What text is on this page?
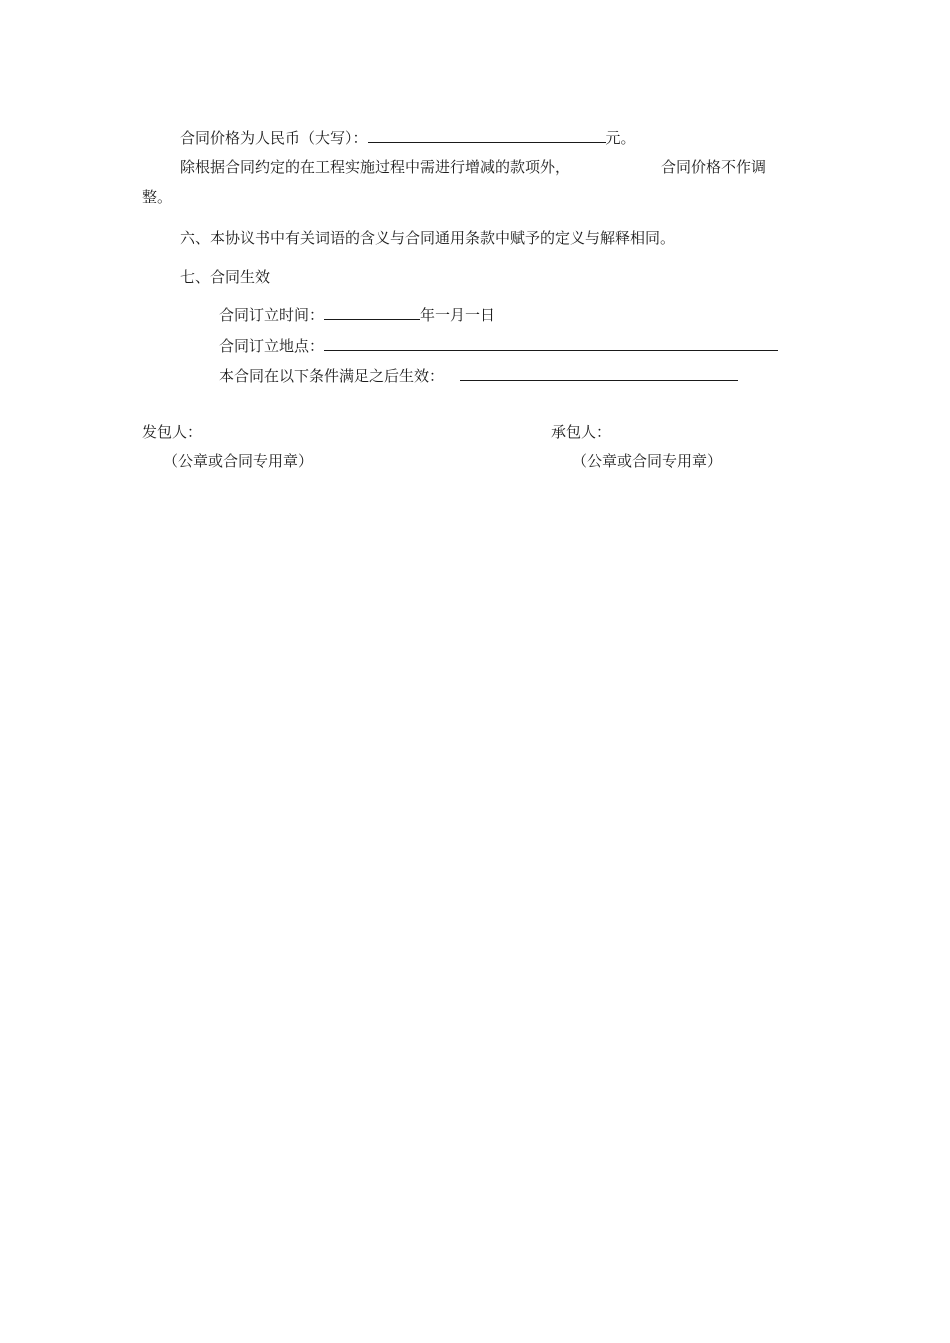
合同价格为人民币（大写）：	元。
除根据合同约定的在工程实施过程中需进行增减的款项外，	合同价格不作调
整。
六、本协议书中有关词语的含义与合同通用条款中赋予的定义与解释相同。
七、合同生效
合同订立时间：	年一月一日
合同订立地点：
本合同在以下条件满足之后生效：
发包人：
（公章或合同专用章）
承包人：
（公章或合同专用章）
